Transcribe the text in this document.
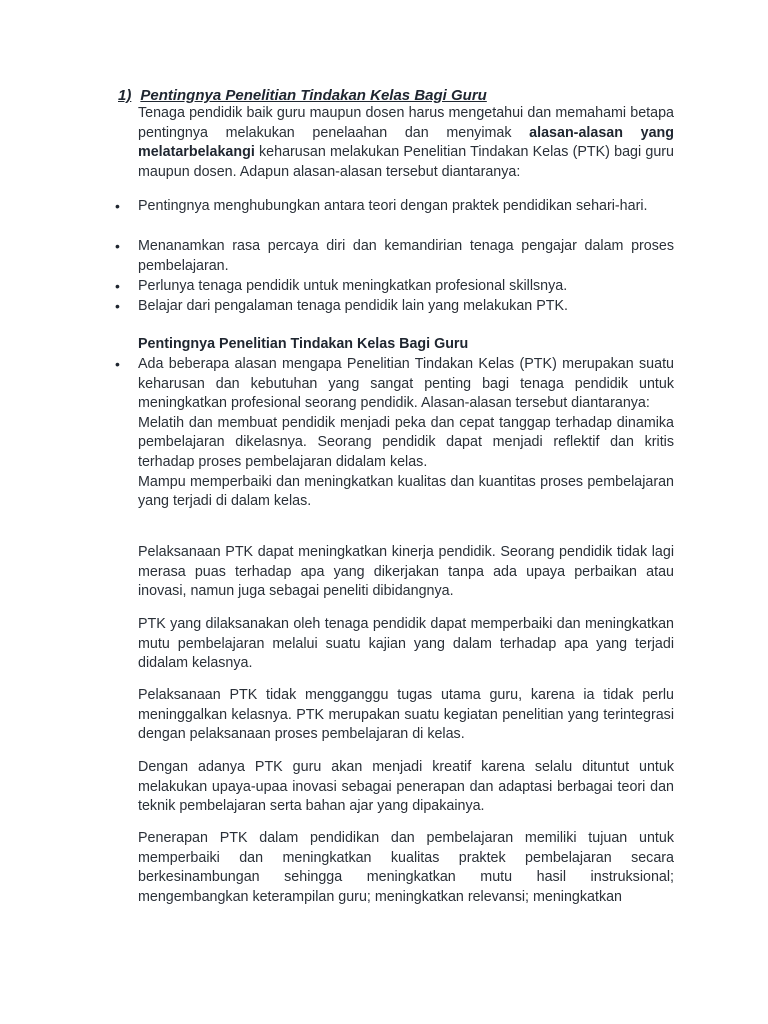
1) Pentingnya Penelitian Tindakan Kelas Bagi Guru

Tenaga pendidik baik guru maupun dosen harus mengetahui dan memahami betapa pentingnya melakukan penelaahan dan menyimak alasan-alasan yang melatarbelakangi keharusan melakukan Penelitian Tindakan Kelas (PTK) bagi guru maupun dosen. Adapun alasan-alasan tersebut diantaranya:

•	Pentingnya menghubungkan antara teori dengan praktek pendidikan sehari-hari.
•	Menanamkan rasa percaya diri dan kemandirian tenaga pengajar dalam proses pembelajaran.
•	Perlunya tenaga pendidik untuk meningkatkan profesional skillsnya.
•	Belajar dari pengalaman tenaga pendidik lain yang melakukan PTK.
Pentingnya Penelitian Tindakan Kelas Bagi Guru
•	Ada beberapa alasan mengapa Penelitian Tindakan Kelas (PTK) merupakan suatu keharusan dan kebutuhan yang sangat penting bagi tenaga pendidik untuk meningkatkan profesional seorang pendidik. Alasan-alasan tersebut diantaranya:
Melatih dan membuat pendidik menjadi peka dan cepat tanggap terhadap dinamika pembelajaran dikelasnya. Seorang pendidik dapat menjadi reflektif dan kritis terhadap proses pembelajaran didalam kelas.
Mampu memperbaiki dan meningkatkan kualitas dan kuantitas proses pembelajaran yang terjadi di dalam kelas.

Pelaksanaan PTK dapat meningkatkan kinerja pendidik. Seorang pendidik tidak lagi merasa puas terhadap apa yang dikerjakan tanpa ada upaya perbaikan atau inovasi, namun juga sebagai peneliti dibidangnya.

PTK yang dilaksanakan oleh tenaga pendidik dapat memperbaiki dan meningkatkan mutu pembelajaran melalui suatu kajian yang dalam terhadap apa yang terjadi didalam kelasnya.

Pelaksanaan PTK tidak mengganggu tugas utama guru, karena ia tidak perlu meninggalkan kelasnya. PTK merupakan suatu kegiatan penelitian yang terintegrasi dengan pelaksanaan proses pembelajaran di kelas.

Dengan adanya PTK guru akan menjadi kreatif karena selalu dituntut untuk melakukan upaya-upaa inovasi sebagai penerapan dan adaptasi berbagai teori dan teknik pembelajaran serta bahan ajar yang dipakainya.

Penerapan PTK dalam pendidikan dan pembelajaran memiliki tujuan untuk memperbaiki dan meningkatkan kualitas praktek pembelajaran secara berkesinambungan sehingga meningkatkan mutu hasil instruksional; mengembangkan keterampilan guru; meningkatkan relevansi; meningkatkan
